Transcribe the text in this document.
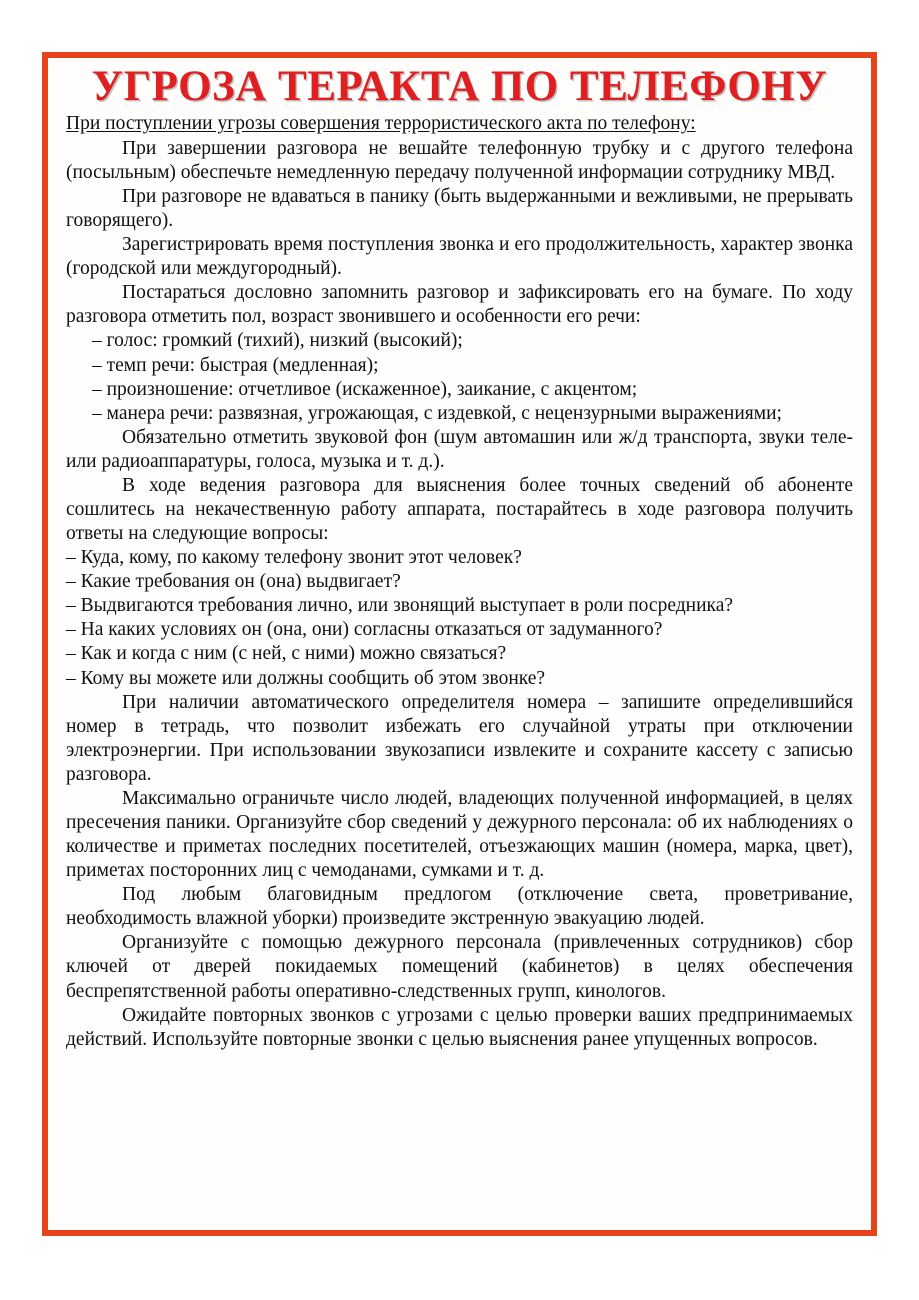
УГРОЗА ТЕРАКТА ПО ТЕЛЕФОНУ
При поступлении угрозы совершения террористического акта по телефону:

При завершении разговора не вешайте телефонную трубку и с другого телефона (посыльным) обеспечьте немедленную передачу полученной информации сотруднику МВД.

При разговоре не вдаваться в панику (быть выдержанными и вежливыми, не прерывать говорящего).

Зарегистрировать время поступления звонка и его продолжительность, характер звонка (городской или междугородный).

Постараться дословно запомнить разговор и зафиксировать его на бумаге. По ходу разговора отметить пол, возраст звонившего и особенности его речи:

– голос: громкий (тихий), низкий (высокий);

– темп речи: быстрая (медленная);

– произношение: отчетливое (искаженное), заикание, с акцентом;

– манера речи: развязная, угрожающая, с издевкой, с нецензурными выражениями;

Обязательно отметить звуковой фон (шум автомашин или ж/д транспорта, звуки теле- или радиоаппаратуры, голоса, музыка и т. д.).

В ходе ведения разговора для выяснения более точных сведений об абоненте сошлитесь на некачественную работу аппарата, постарайтесь в ходе разговора получить ответы на следующие вопросы:

– Куда, кому, по какому телефону звонит этот человек?

– Какие требования он (она) выдвигает?

– Выдвигаются требования лично, или звонящий выступает в роли посредника?

– На каких условиях он (она, они) согласны отказаться от задуманного?

– Как и когда с ним (с ней, с ними) можно связаться?

– Кому вы можете или должны сообщить об этом звонке?

При наличии автоматического определителя номера – запишите определившийся номер в тетрадь, что позволит избежать его случайной утраты при отключении электроэнергии. При использовании звукозаписи извлеките и сохраните кассету с записью разговора.

Максимально ограничьте число людей, владеющих полученной информацией, в целях пресечения паники. Организуйте сбор сведений у дежурного персонала: об их наблюдениях о количестве и приметах последних посетителей, отъезжающих машин (номера, марка, цвет), приметах посторонних лиц с чемоданами, сумками и т. д.

Под любым благовидным предлогом (отключение света, проветривание, необходимость влажной уборки) произведите экстренную эвакуацию людей.

Организуйте с помощью дежурного персонала (привлеченных сотрудников) сбор ключей от дверей покидаемых помещений (кабинетов) в целях обеспечения беспрепятственной работы оперативно-следственных групп, кинологов.

Ожидайте повторных звонков с угрозами с целью проверки ваших предпринимаемых действий. Используйте повторные звонки с целью выяснения ранее упущенных вопросов.
